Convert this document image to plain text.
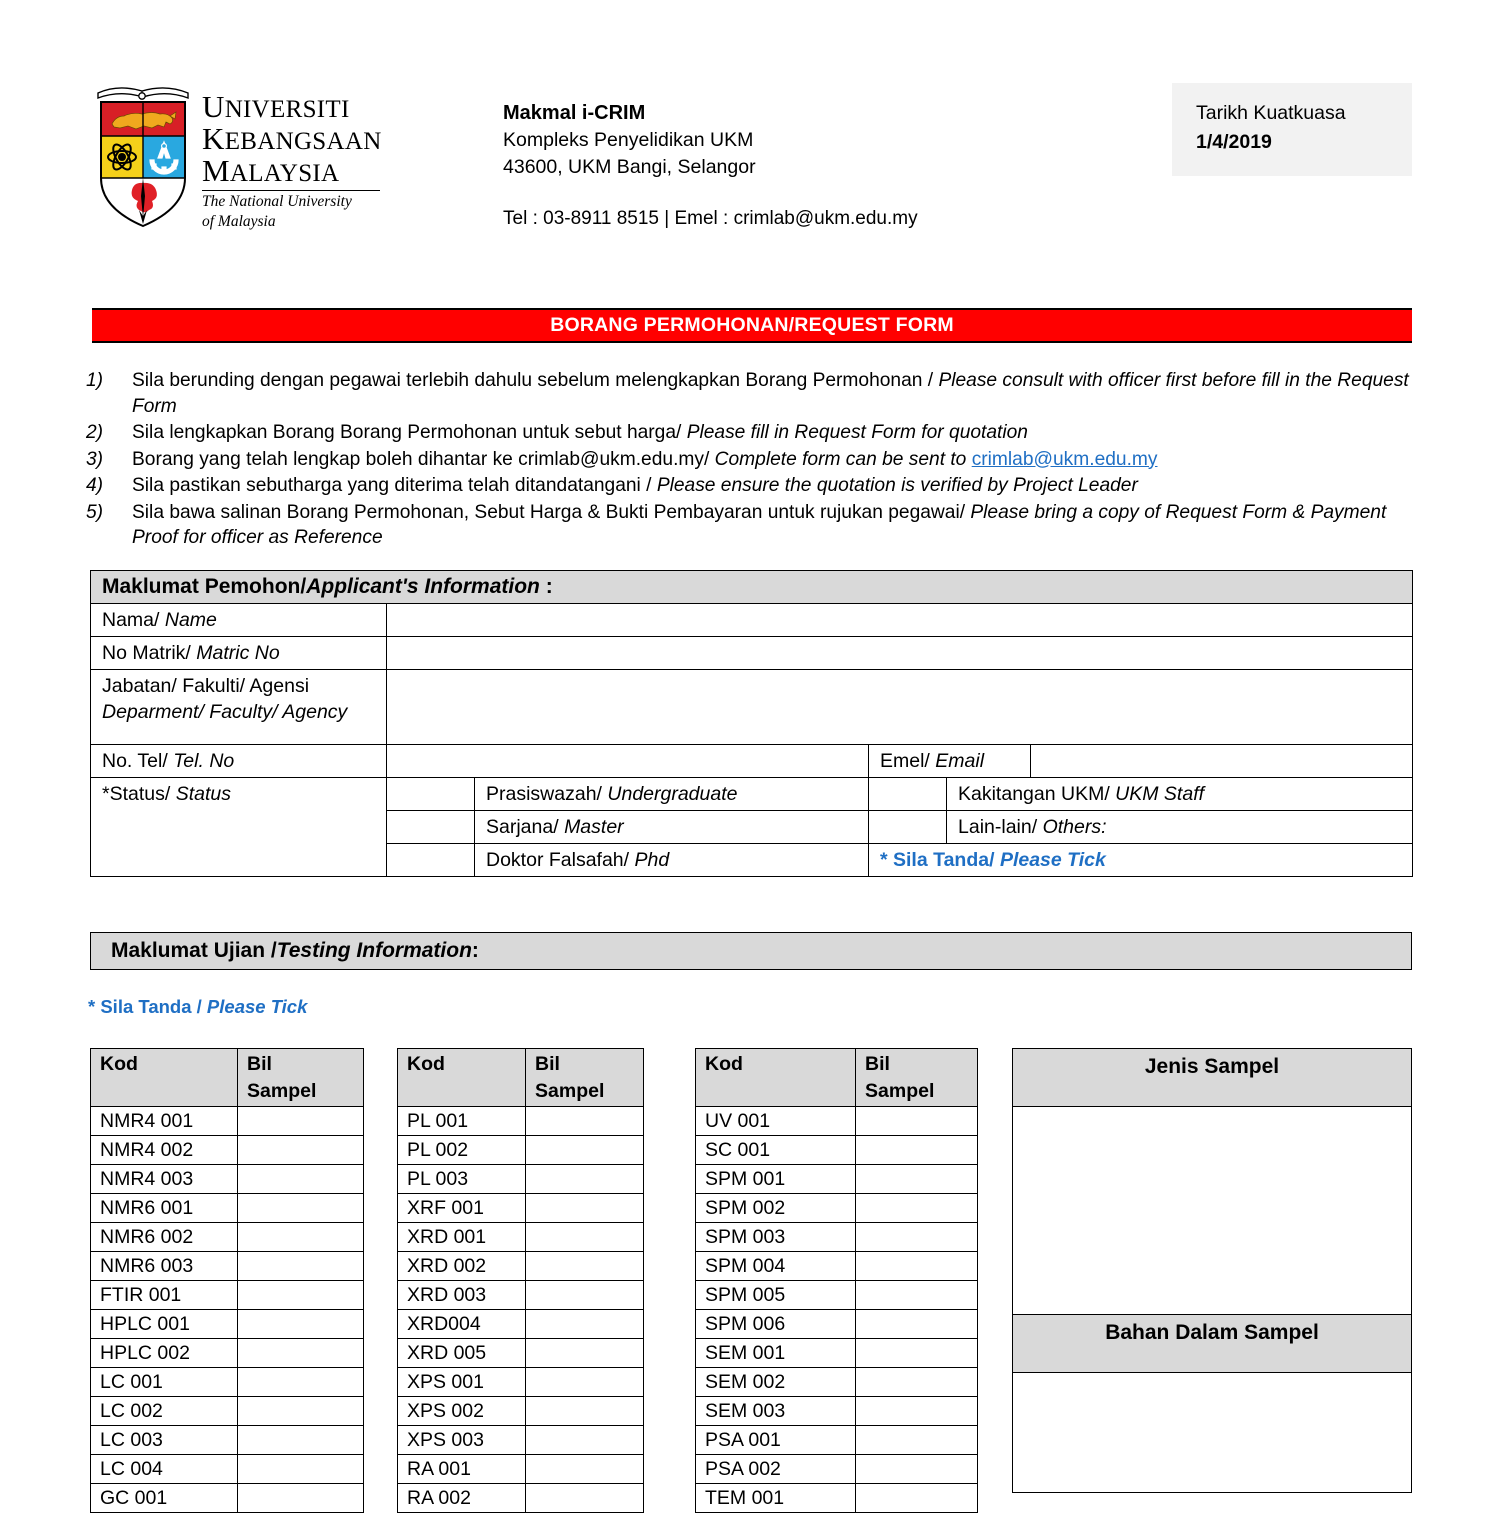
UNIVERSITI
KEBANGSAAN
MALAYSIA
The National University
of Malaysia
Makmal i-CRIM
Kompleks Penyelidikan UKM
43600, UKM Bangi, Selangor
Tel : 03-8911 8515 | Emel : crimlab@ukm.edu.my
Tarikh Kuatkuasa
1/4/2019
BORANG PERMOHONAN/REQUEST FORM
1)	Sila berunding dengan pegawai terlebih dahulu sebelum melengkapkan Borang Permohonan / Please consult with officer first before fill in the Request Form
2)	Sila lengkapkan Borang Borang Permohonan untuk sebut harga/ Please fill in Request Form for quotation
3)	Borang yang telah lengkap boleh dihantar ke crimlab@ukm.edu.my/ Complete form can be sent to crimlab@ukm.edu.my
4)	Sila pastikan sebutharga yang diterima telah ditandatangani / Please ensure the quotation is verified by Project Leader
5)	Sila bawa salinan Borang Permohonan, Sebut Harga & Bukti Pembayaran untuk rujukan pegawai/ Please bring a copy of Request Form & Payment Proof for officer as Reference
Maklumat Pemohon/Applicant's Information :					
Nama/ Name					
No Matrik/ Matric No					
Jabatan/ Fakulti/ Agensi
Deparment/ Faculty/ Agency					
No. Tel/ Tel. No			Emel/ Email		
*Status/ Status		Prasiswazah/ Undergraduate		Kakitangan UKM/ UKM Staff	
		Sarjana/ Master		Lain-lain/ Others:	
		Doktor Falsafah/ Phd	* Sila Tanda/ Please Tick		
Maklumat Ujian / Testing Information :
* Sila Tanda / Please Tick
Kod	Bil
Sampel

NMR4 001	
NMR4 002	
NMR4 003	
NMR6 001	
NMR6 002	
NMR6 003	
FTIR 001	
HPLC 001	
HPLC 002	
LC 001	
LC 002	
LC 003	
LC 004	
GC 001	
Kod	Bil
Sampel

PL 001	
PL 002	
PL 003	
XRF 001	
XRD 001	
XRD 002	
XRD 003	
XRD004	
XRD 005	
XPS 001	
XPS 002	
XPS 003	
RA 001	
RA 002	
Kod	Bil
Sampel

UV 001	
SC 001	
SPM 001	
SPM 002	
SPM 003	
SPM 004	
SPM 005	
SPM 006	
SEM 001	
SEM 002	
SEM 003	
PSA 001	
PSA 002	
TEM 001	
Jenis Sampel

Bahan Dalam Sampel
